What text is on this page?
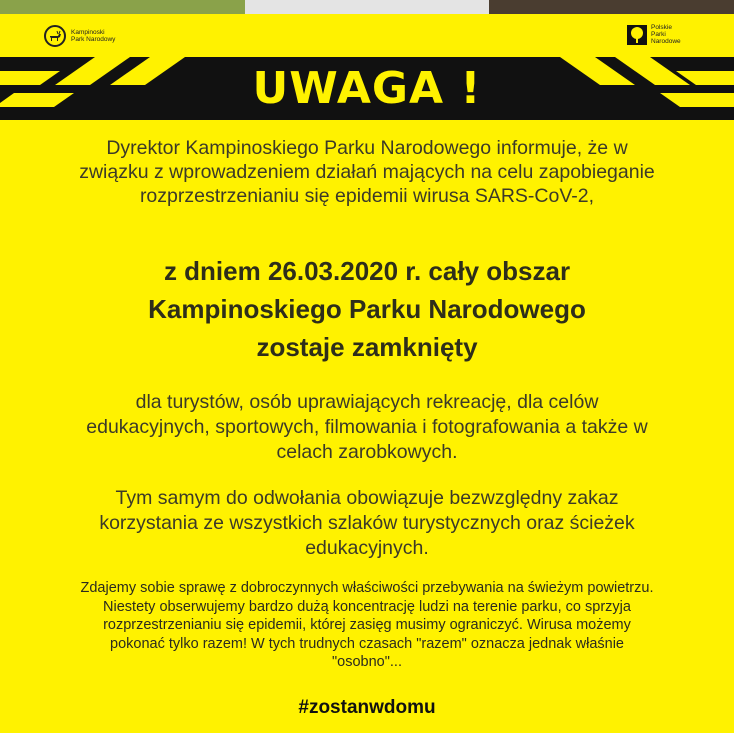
Kampinoski
Park Narodowy
Polskie
Parki
Narodowe
UWAGA !
Dyrektor Kampinoskiego Parku Narodowego informuje, że w
związku z wprowadzeniem działań mających na celu zapobieganie
rozprzestrzenianiu się epidemii wirusa SARS-CoV-2,
z dniem 26.03.2020 r. cały obszar
Kampinoskiego Parku Narodowego
zostaje zamknięty
dla turystów, osób uprawiających rekreację, dla celów
edukacyjnych, sportowych, filmowania i fotografowania a także w
celach zarobkowych.
Tym samym do odwołania obowiązuje bezwzględny zakaz
korzystania ze wszystkich szlaków turystycznych oraz ścieżek
edukacyjnych.
Zdajemy sobie sprawę z dobroczynnych właściwości przebywania na świeżym powietrzu.
Niestety obserwujemy bardzo dużą koncentrację ludzi na terenie parku, co sprzyja
rozprzestrzenianiu się epidemii, której zasięg musimy ograniczyć. Wirusa możemy
pokonać tylko razem! W tych trudnych czasach "razem" oznacza jednak właśnie
"osobno"...
#zostanwdomu
